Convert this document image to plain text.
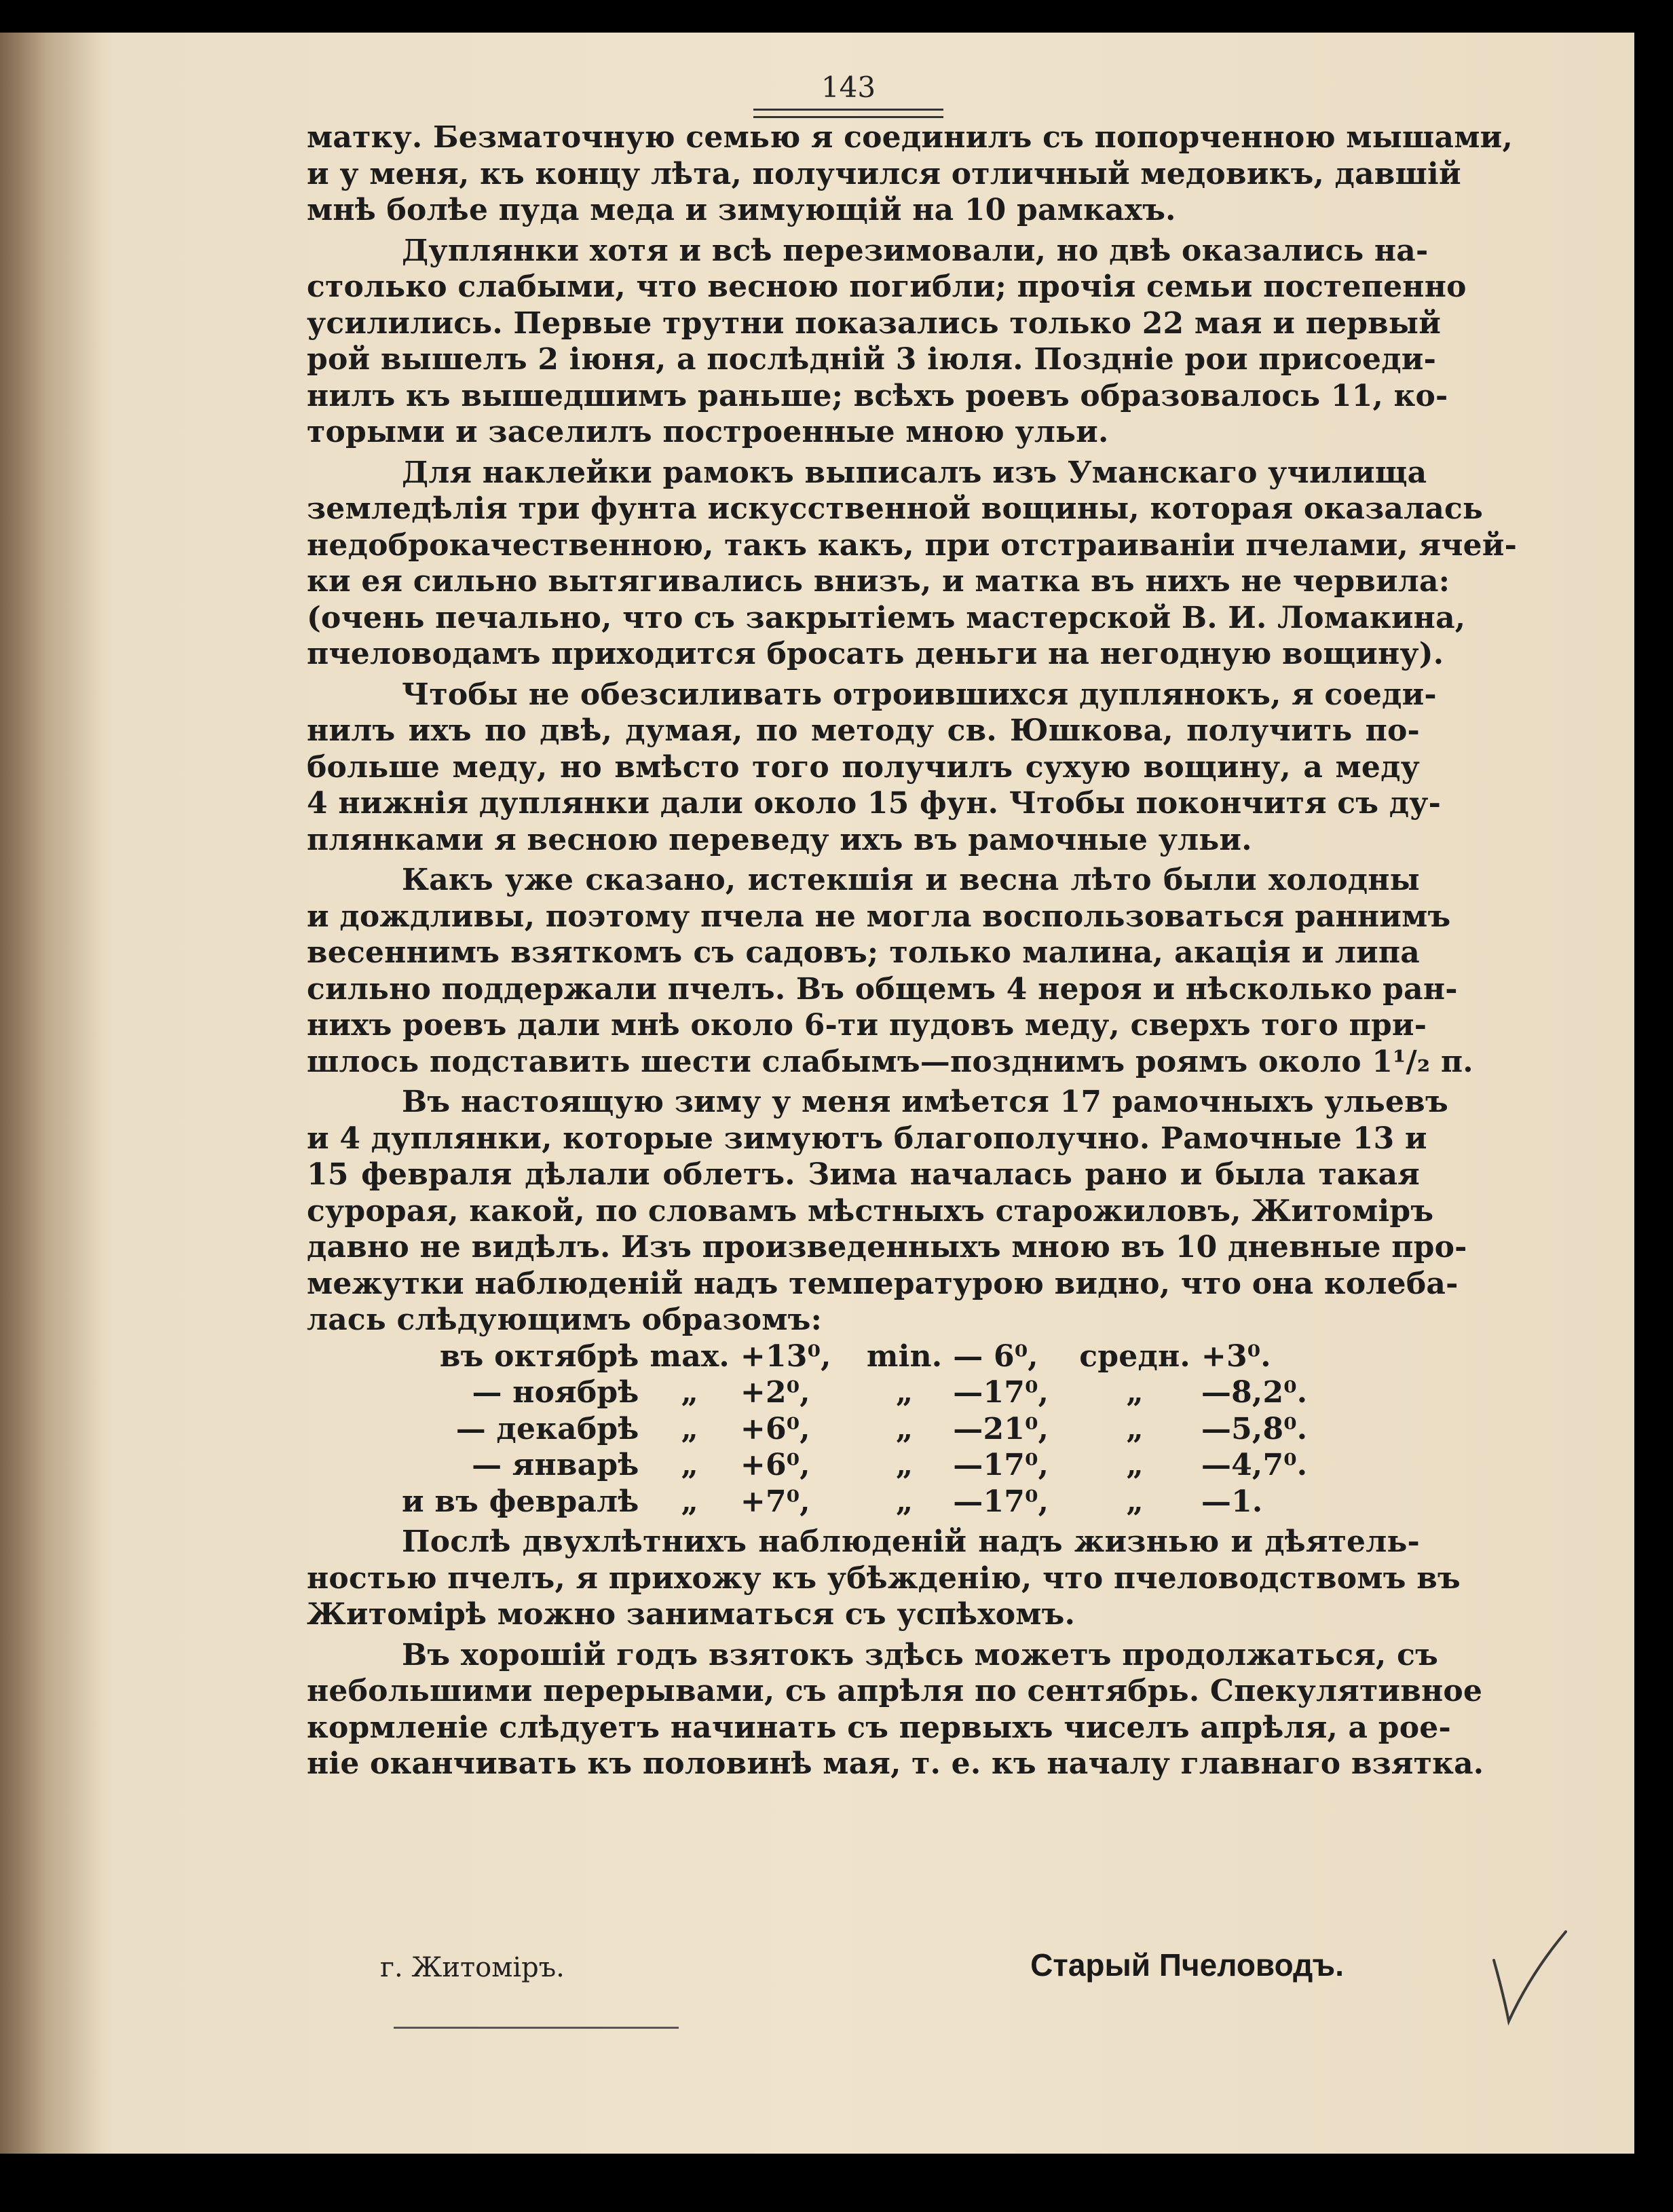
143
матку. Безматочную семью я соединилъ съ попорченною мышами,
и у меня, къ концу лѣта, получился отличный медовикъ, давшій
мнѣ болѣе пуда меда и зимующій на 10 рамкахъ.
Дуплянки хотя и всѣ перезимовали, но двѣ оказались на-
столько слабыми, что весною погибли; прочія семьи постепенно
усилились. Первые трутни показались только 22 мая и первый
рой вышелъ 2 іюня, а послѣдній 3 іюля. Поздніе рои присоеди-
нилъ къ вышедшимъ раньше; всѣхъ роевъ образовалось 11, ко-
торыми и заселилъ построенные мною ульи.
Для наклейки рамокъ выписалъ изъ Уманскаго училища
земледѣлія три фунта искусственной вощины, которая оказалась
недоброкачественною, такъ какъ, при отстраиваніи пчелами, ячей-
ки ея сильно вытягивались внизъ, и матка въ нихъ не червила:
(очень печально, что съ закрытіемъ мастерской В. И. Ломакина,
пчеловодамъ приходится бросать деньги на негодную вощину).
Чтобы не обезсиливать отроившихся дуплянокъ, я соеди-
нилъ ихъ по двѣ, думая, по методу св. Юшкова, получить по-
больше меду, но вмѣсто того получилъ сухую вощину, а меду
4 нижнія дуплянки дали около 15 фун. Чтобы покончитя съ ду-
плянками я весною переведу ихъ въ рамочные ульи.
Какъ уже сказано, истекшія и весна лѣто были холодны
и дождливы, поэтому пчела не могла воспользоваться раннимъ
весеннимъ взяткомъ съ садовъ; только малина, акація и липа
сильно поддержали пчелъ. Въ общемъ 4 нероя и нѣсколько ран-
нихъ роевъ дали мнѣ около 6-ти пудовъ меду, сверхъ того при-
шлось подставить шести слабымъ—позднимъ роямъ около 1¹/₂ п.
Въ настоящую зиму у меня имѣется 17 рамочныхъ ульевъ
и 4 дуплянки, которые зимуютъ благополучно. Рамочные 13 и
15 февраля дѣлали облетъ. Зима началась рано и была такая
сурорая, какой, по словамъ мѣстныхъ старожиловъ, Житоміръ
давно не видѣлъ. Изъ произведенныхъ мною въ 10 дневные про-
межутки наблюденій надъ температурою видно, что она колеба-
лась слѣдующимъ образомъ:
въ октябрѣ	max.	+13⁰,	min.	— 6⁰,	средн.	+3⁰.
— ноябрѣ	„	+2⁰,	„	—17⁰,	„	—8,2⁰.
— декабрѣ	„	+6⁰,	„	—21⁰,	„	—5,8⁰.
— январѣ	„	+6⁰,	„	—17⁰,	„	—4,7⁰.
и въ февралѣ	„	+7⁰,	„	—17⁰,	„	—1.
Послѣ двухлѣтнихъ наблюденій надъ жизнью и дѣятель-
ностью пчелъ, я прихожу къ убѣжденію, что пчеловодствомъ въ
Житомірѣ можно заниматься съ успѣхомъ.
Въ хорошій годъ взятокъ здѣсь можетъ продолжаться, съ
небольшими перерывами, съ апрѣля по сентябрь. Спекулятивное
кормленіе слѣдуетъ начинать съ первыхъ чиселъ апрѣля, а рое-
ніе оканчивать къ половинѣ мая, т. е. къ началу главнаго взятка.
г. Житоміръ.	Старый Пчеловодъ.
